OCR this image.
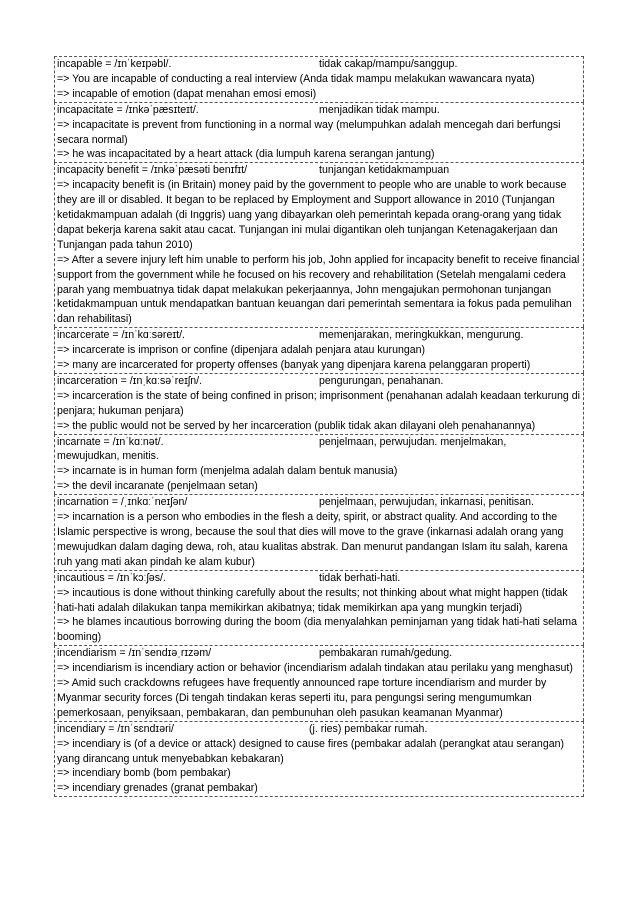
incapable = /ɪnˈkeɪpəbl/.	tidak cakap/mampu/sanggup.
=> You are incapable of conducting a real interview (Anda tidak mampu melakukan wawancara nyata)
=> incapable of emotion (dapat menahan emosi emosi)
incapacitate = /ɪnkəˈpæsɪteɪt/.	menjadikan tidak mampu.
=> incapacitate is prevent from functioning in a normal way (melumpuhkan adalah mencegah dari berfungsi secara normal)
=> he was incapacitated by a heart attack (dia lumpuh karena serangan jantung)
incapacity benefit = /ɪnkəˈpæsəti benɪfɪt/	tunjangan ketidakmampuan
=> incapacity benefit is (in Britain) money paid by the government to people who are unable to work because they are ill or disabled. It began to be replaced by Employment and Support allowance in 2010 (Tunjangan ketidakmampuan adalah (di Inggris) uang yang dibayarkan oleh pemerintah kepada orang-orang yang tidak dapat bekerja karena sakit atau cacat. Tunjangan ini mulai digantikan oleh tunjangan Ketenagakerjaan dan Tunjangan pada tahun 2010)
=> After a severe injury left him unable to perform his job, John applied for incapacity benefit to receive financial support from the government while he focused on his recovery and rehabilitation (Setelah mengalami cedera parah yang membuatnya tidak dapat melakukan pekerjaannya, John mengajukan permohonan tunjangan ketidakmampuan untuk mendapatkan bantuan keuangan dari pemerintah sementara ia fokus pada pemulihan dan rehabilitasi)
incarcerate = /ɪnˈkɑːsəreɪt/.	memenjarakan, meringkukkan, mengurung.
=> incarcerate is imprison or confine (dipenjara adalah penjara atau kurungan)
=> many are incarcerated for property offenses (banyak yang dipenjara karena pelanggaran properti)
incarceration = /ɪnˌkɑːsəˈreɪʃn/.	pengurungan, penahanan.
=> incarceration is the state of being confined in prison; imprisonment (penahanan adalah keadaan terkurung di penjara; hukuman penjara)
=> the public would not be served by her incarceration (publik tidak akan dilayani oleh penahanannya)
incarnate = /ɪnˈkɑːnət/.	penjelmaan, perwujudan. menjelmakan,
mewujudkan, menitis.
=> incarnate is in human form (menjelma adalah dalam bentuk manusia)
=> the devil incaranate (penjelmaan setan)
incarnation = /ˌɪnkɑːˈneɪʃən/	penjelmaan, perwujudan, inkarnasi, penitisan.
=> incarnation is a person who embodies in the flesh a deity, spirit, or abstract quality. And according to the Islamic perspective is wrong, because the soul that dies will move to the grave (inkarnasi adalah orang yang mewujudkan dalam daging dewa, roh, atau kualitas abstrak. Dan menurut pandangan Islam itu salah, karena ruh yang mati akan pindah ke alam kubur)
incautious = /ɪnˈkɔːʃəs/.	tidak berhati-hati.
=> incautious is done without thinking carefully about the results; not thinking about what might happen (tidak hati-hati adalah dilakukan tanpa memikirkan akibatnya; tidak memikirkan apa yang mungkin terjadi)
=> he blames incautious borrowing during the boom (dia menyalahkan peminjaman yang tidak hati-hati selama booming)
incendiarism = /ɪnˈsendɪəˌrɪzəm/	pembakaran rumah/gedung.
=> incendiarism is incendiary action or behavior (incendiarism adalah tindakan atau perilaku yang menghasut)
=> Amid such crackdowns refugees have frequently announced rape torture incendiarism and murder by Myanmar security forces (Di tengah tindakan keras seperti itu, para pengungsi sering mengumumkan pemerkosaan, penyiksaan, pembakaran, dan pembunuhan oleh pasukan keamanan Myanmar)
incendiary = /ɪnˈsɛndɪəri/	(j. ries) pembakar rumah.
=> incendiary is (of a device or attack) designed to cause fires (pembakar adalah (perangkat atau serangan) yang dirancang untuk menyebabkan kebakaran)
=> incendiary bomb (bom pembakar)
=> incendiary grenades (granat pembakar)
